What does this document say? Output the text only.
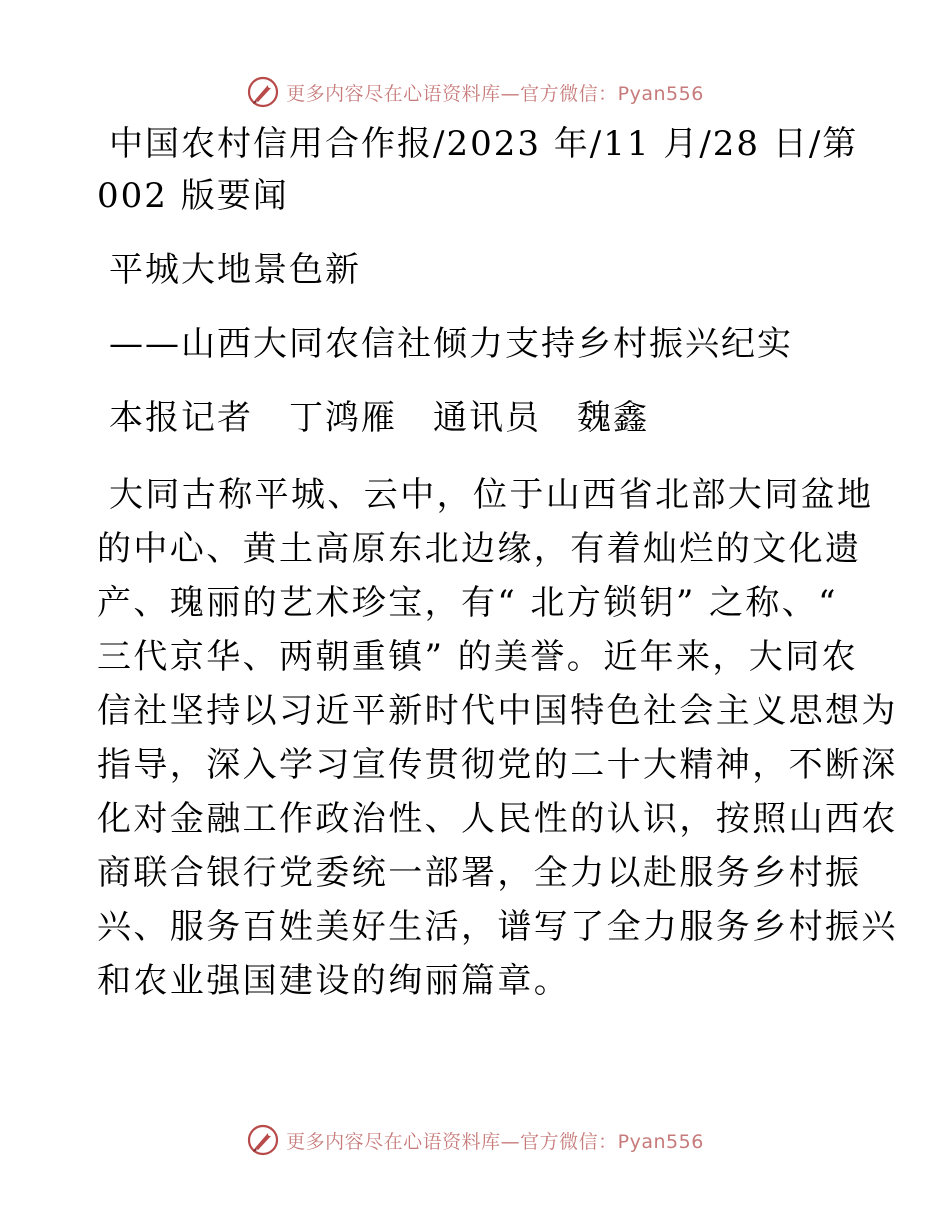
更多内容尽在心语资料库—官方微信：Pyan556
中国农村信用合作报/2023 年/11 月/28 日/第
002 版要闻
平城大地景色新
——山西大同农信社倾力支持乡村振兴纪实
本报记者　丁鸿雁　通讯员　魏鑫
大同古称平城、云中，位于山西省北部大同盆地
的中心、黄土高原东北边缘，有着灿烂的文化遗
产、瑰丽的艺术珍宝，有“ 北方锁钥” 之称、“
三代京华、两朝重镇” 的美誉。近年来，大同农
信社坚持以习近平新时代中国特色社会主义思想为
指导，深入学习宣传贯彻党的二十大精神，不断深
化对金融工作政治性、人民性的认识，按照山西农
商联合银行党委统一部署，全力以赴服务乡村振
兴、服务百姓美好生活，谱写了全力服务乡村振兴
和农业强国建设的绚丽篇章。
更多内容尽在心语资料库—官方微信：Pyan556
